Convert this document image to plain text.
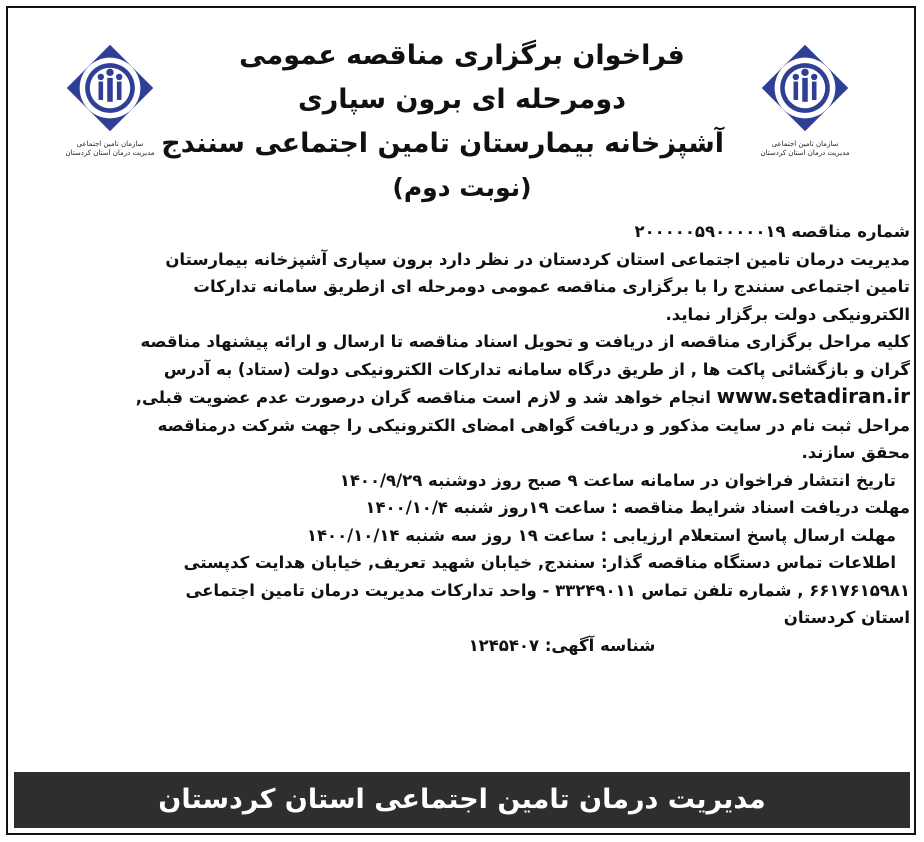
سازمان تامین اجتماعی
مدیریت درمان استان کردستان
فراخوان برگزاری مناقصه عمومی
دومرحله ای برون سپاری
آشپزخانه بیمارستان تامین اجتماعی سنندج
(نوبت دوم)
سازمان تامین اجتماعی
مدیریت درمان استان کردستان

شماره مناقصه ۲۰۰۰۰۰۵۹۰۰۰۰۰۱۹

مدیریت درمان تامین اجتماعی استان کردستان در نظر دارد برون سپاری آشپزخانه بیمارستان

تامین اجتماعی سنندج را با برگزاری مناقصه عمومی دومرحله ای ازطریق سامانه تدارکات

الکترونیکی دولت برگزار نماید.

کلیه مراحل برگزاری مناقصه از دریافت و تحویل اسناد مناقصه تا ارسال و ارائه پیشنهاد مناقصه

گران و بازگشائی پاکت ها , از طریق درگاه سامانه تدارکات الکترونیکی دولت (ستاد) به آدرس

www.setadiran.ir انجام خواهد شد و لازم است مناقصه گران درصورت عدم عضویت قبلی,

مراحل ثبت نام در سایت مذکور و دریافت گواهی امضای الکترونیکی را جهت شرکت درمناقصه

محقق سازند.

تاریخ انتشار فراخوان در سامانه ساعت ۹ صبح روز دوشنبه ۱۴۰۰/۹/۲۹

مهلت دریافت اسناد شرایط مناقصه : ساعت ۱۹روز شنبه ۱۴۰۰/۱۰/۴

مهلت ارسال پاسخ استعلام ارزیابی : ساعت ۱۹ روز سه شنبه ۱۴۰۰/۱۰/۱۴

اطلاعات تماس دستگاه مناقصه گذار: سنندج, خیابان شهید تعریف, خیابان هدایت کدپستی

۶۶۱۷۶۱۵۹۸۱ , شماره تلفن تماس ۳۳۲۴۹۰۱۱ - واحد تدارکات مدیریت درمان تامین اجتماعی

استان کردستان

شناسه آگهی: ۱۲۴۵۴۰۷

مدیریت درمان تامین اجتماعی استان کردستان
